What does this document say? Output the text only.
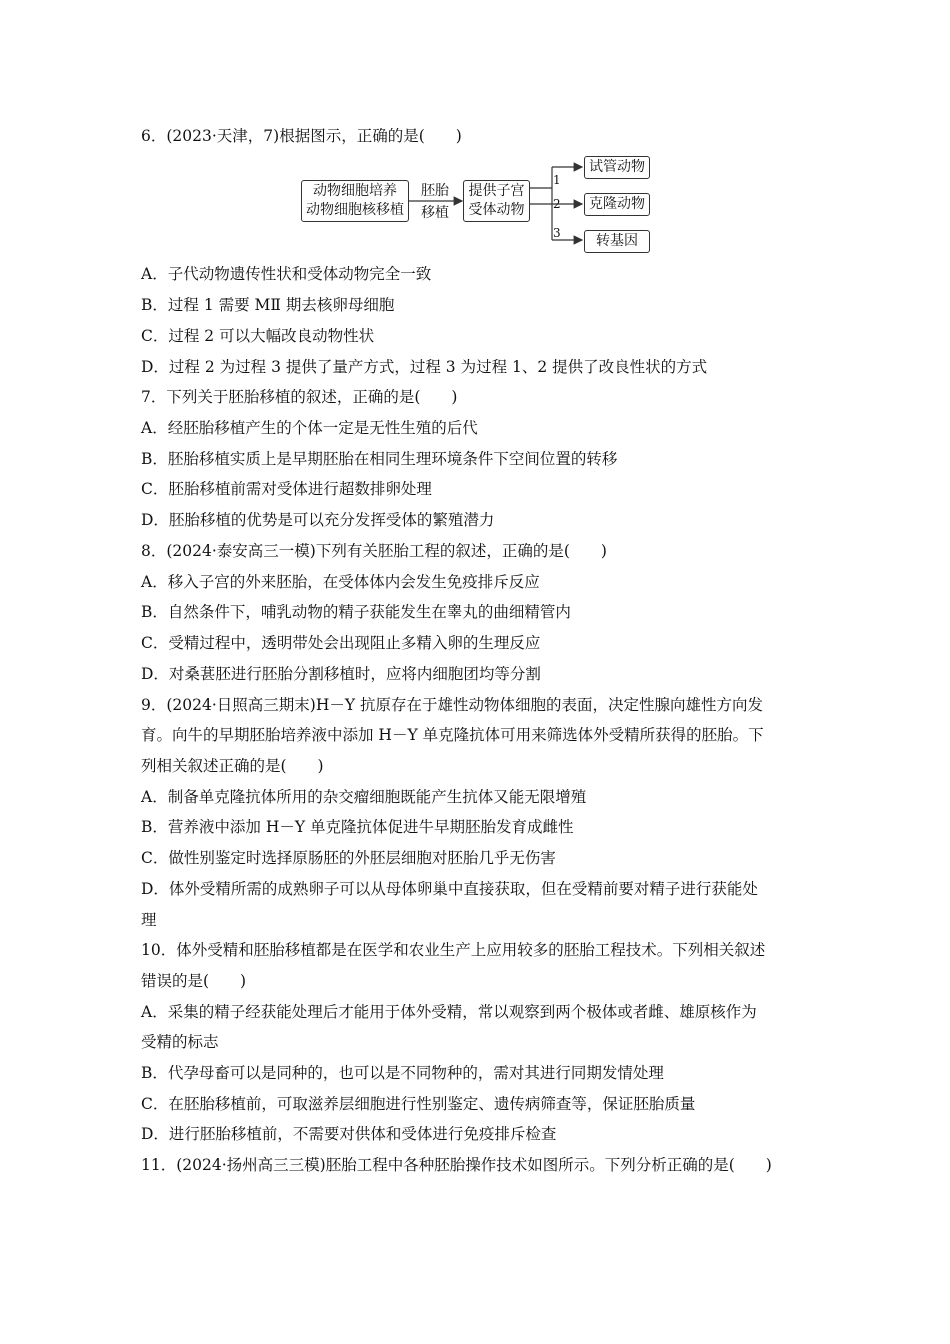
6．(2023·天津，7)根据图示，正确的是(　　)
动物细胞培养
动物细胞核移植
胚胎
移植
提供子宫
受体动物
1
2
3
试管动物
克隆动物
转基因
A．子代动物遗传性状和受体动物完全一致
B．过程 1 需要 MⅡ 期去核卵母细胞
C．过程 2 可以大幅改良动物性状
D．过程 2 为过程 3 提供了量产方式，过程 3 为过程 1、2 提供了改良性状的方式
7．下列关于胚胎移植的叙述，正确的是(　　)
A．经胚胎移植产生的个体一定是无性生殖的后代
B．胚胎移植实质上是早期胚胎在相同生理环境条件下空间位置的转移
C．胚胎移植前需对受体进行超数排卵处理
D．胚胎移植的优势是可以充分发挥受体的繁殖潜力
8．(2024·泰安高三一模)下列有关胚胎工程的叙述，正确的是(　　)
A．移入子宫的外来胚胎，在受体体内会发生免疫排斥反应
B．自然条件下，哺乳动物的精子获能发生在睾丸的曲细精管内
C．受精过程中，透明带处会出现阻止多精入卵的生理反应
D．对桑葚胚进行胚胎分割移植时，应将内细胞团均等分割
9．(2024·日照高三期末)H－Y 抗原存在于雄性动物体细胞的表面，决定性腺向雄性方向发
育。向牛的早期胚胎培养液中添加 H－Y 单克隆抗体可用来筛选体外受精所获得的胚胎。下
列相关叙述正确的是(　　)
A．制备单克隆抗体所用的杂交瘤细胞既能产生抗体又能无限增殖
B．营养液中添加 H－Y 单克隆抗体促进牛早期胚胎发育成雌性
C．做性别鉴定时选择原肠胚的外胚层细胞对胚胎几乎无伤害
D．体外受精所需的成熟卵子可以从母体卵巢中直接获取，但在受精前要对精子进行获能处
理
10．体外受精和胚胎移植都是在医学和农业生产上应用较多的胚胎工程技术。下列相关叙述
错误的是(　　)
A．采集的精子经获能处理后才能用于体外受精，常以观察到两个极体或者雌、雄原核作为
受精的标志
B．代孕母畜可以是同种的，也可以是不同物种的，需对其进行同期发情处理
C．在胚胎移植前，可取滋养层细胞进行性别鉴定、遗传病筛查等，保证胚胎质量
D．进行胚胎移植前，不需要对供体和受体进行免疫排斥检查
11．(2024·扬州高三三模)胚胎工程中各种胚胎操作技术如图所示。下列分析正确的是(　　)
